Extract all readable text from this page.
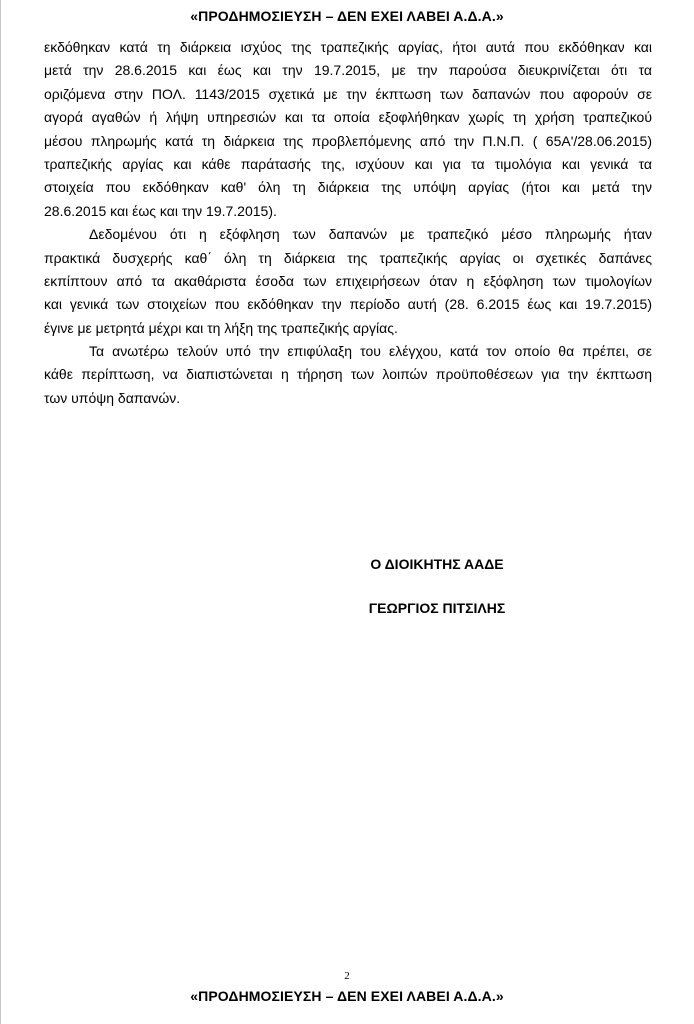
«ΠΡΟΔΗΜΟΣΙΕΥΣΗ – ΔΕΝ ΕΧΕΙ ΛΑΒΕΙ Α.Δ.Α.»

εκδόθηκαν κατά τη διάρκεια ισχύος της τραπεζικής αργίας, ήτοι αυτά που εκδόθηκαν και
μετά την 28.6.2015 και έως και την 19.7.2015, με την παρούσα διευκρινίζεται ότι τα
οριζόμενα στην ΠΟΛ. 1143/2015 σχετικά με την έκπτωση των δαπανών που αφορούν σε
αγορά αγαθών ή λήψη υπηρεσιών και τα οποία εξοφλήθηκαν χωρίς τη χρήση τραπεζικού
μέσου πληρωμής κατά τη διάρκεια της προβλεπόμενης από την Π.Ν.Π. ( 65Α'/28.06.2015)
τραπεζικής αργίας και κάθε παράτασής της, ισχύουν και για τα τιμολόγια και γενικά τα
στοιχεία που εκδόθηκαν καθ' όλη τη διάρκεια της υπόψη αργίας (ήτοι και μετά την
28.6.2015 και έως και την 19.7.2015).

Δεδομένου ότι η εξόφληση των δαπανών με τραπεζικό μέσο πληρωμής ήταν
πρακτικά δυσχερής καθ΄ όλη τη διάρκεια της τραπεζικής αργίας οι σχετικές δαπάνες
εκπίπτουν από τα ακαθάριστα έσοδα των επιχειρήσεων όταν η εξόφληση των τιμολογίων
και γενικά των στοιχείων που εκδόθηκαν την περίοδο αυτή (28. 6.2015 έως και 19.7.2015)
έγινε με μετρητά μέχρι και τη λήξη της τραπεζικής αργίας.

Τα ανωτέρω τελούν υπό την επιφύλαξη του ελέγχου, κατά τον οποίο θα πρέπει, σε
κάθε περίπτωση, να διαπιστώνεται η τήρηση των λοιπών προϋποθέσεων για την έκπτωση
των υπόψη δαπανών.

Ο ΔΙΟΙΚΗΤΗΣ ΑΑΔΕ
ΓΕΩΡΓΙΟΣ ΠΙΤΣΙΛΗΣ
2
«ΠΡΟΔΗΜΟΣΙΕΥΣΗ – ΔΕΝ ΕΧΕΙ ΛΑΒΕΙ Α.Δ.Α.»
